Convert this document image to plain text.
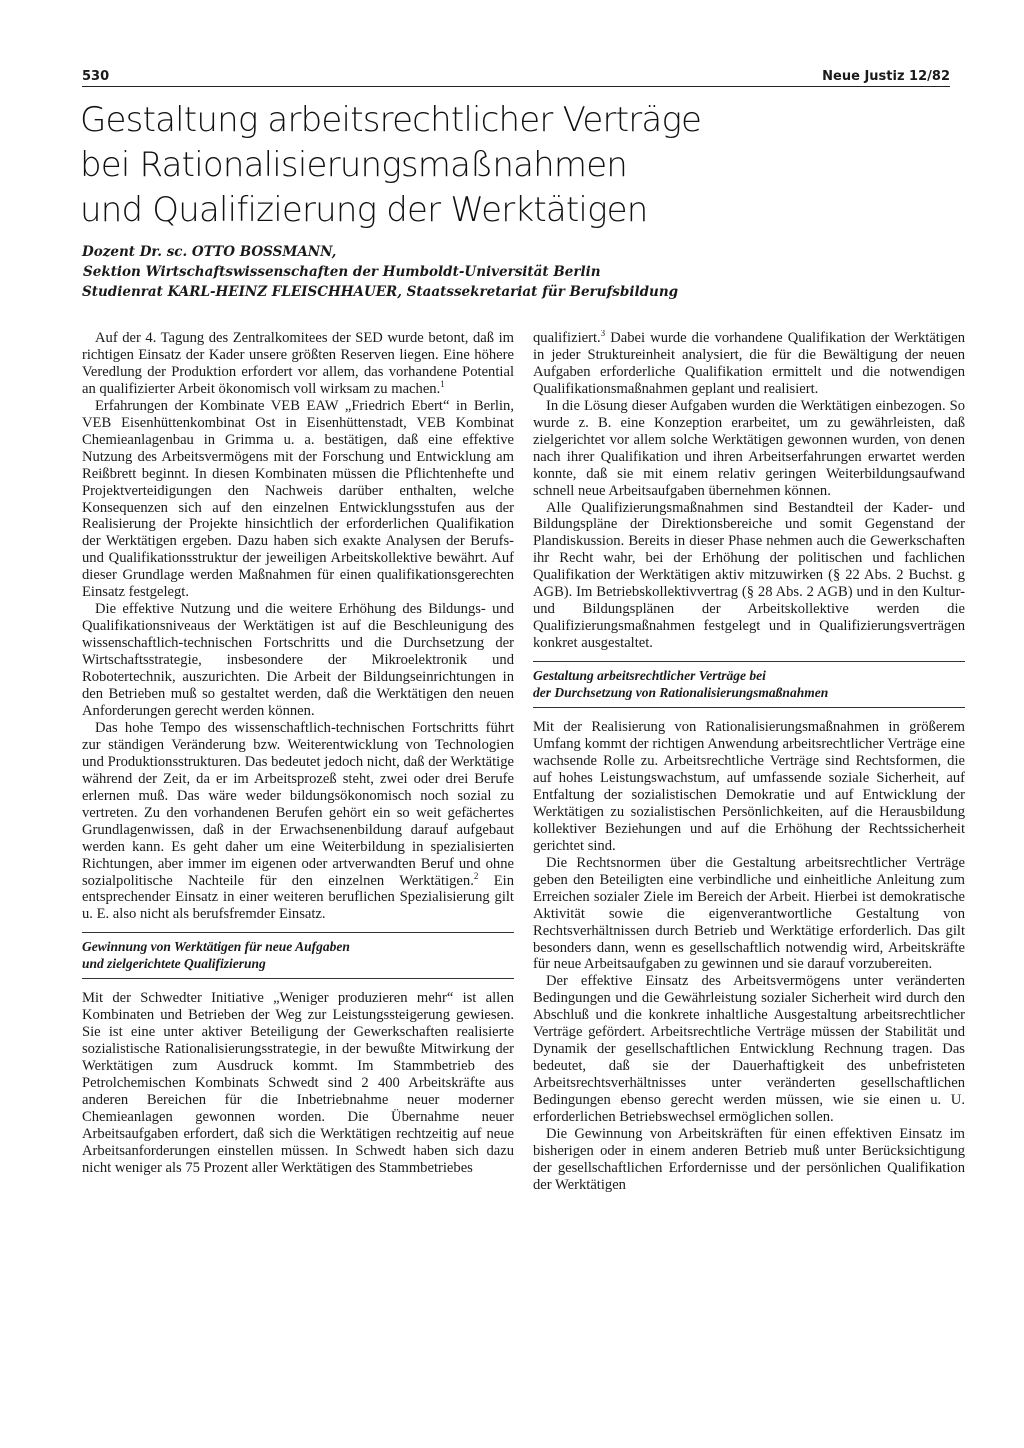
530	Neue Justiz 12/82
Gestaltung arbeitsrechtlicher Verträge
bei Rationalisierungsmaßnahmen
und Qualifizierung der Werktätigen
Dozent Dr. sc. OTTO BOSSMANN,
Sektion Wirtschaftswissenschaften der Humboldt-Universität Berlin
Studienrat KARL-HEINZ FLEISCHHAUER, Staatssekretariat für Berufsbildung

Auf der 4. Tagung des Zentralkomitees der SED wurde betont, daß im richtigen Einsatz der Kader unsere größten Reserven liegen. Eine höhere Veredlung der Produktion erfordert vor allem, das vorhandene Potential an qualifizierter Arbeit ökonomisch voll wirksam zu machen.$^1$

Erfahrungen der Kombinate VEB EAW „Friedrich Ebert“ in Berlin, VEB Eisenhüttenkombinat Ost in Eisenhüttenstadt, VEB Kombinat Chemieanlagenbau in Grimma u. a. bestätigen, daß eine effektive Nutzung des Arbeitsvermögens mit der Forschung und Entwicklung am Reißbrett beginnt. In diesen Kombinaten müssen die Pflichtenhefte und Projektverteidigungen den Nachweis darüber enthalten, welche Konsequenzen sich auf den einzelnen Entwicklungsstufen aus der Realisierung der Projekte hinsichtlich der erforderlichen Qualifikation der Werktätigen ergeben. Dazu haben sich exakte Analysen der Berufs- und Qualifikationsstruktur der jeweiligen Arbeitskollektive bewährt. Auf dieser Grundlage werden Maßnahmen für einen qualifikationsgerechten Einsatz festgelegt.

Die effektive Nutzung und die weitere Erhöhung des Bildungs- und Qualifikationsniveaus der Werktätigen ist auf die Beschleunigung des wissenschaftlich-technischen Fortschritts und die Durchsetzung der Wirtschaftsstrategie, insbesondere der Mikroelektronik und Robotertechnik, auszurichten. Die Arbeit der Bildungseinrichtungen in den Betrieben muß so gestaltet werden, daß die Werktätigen den neuen Anforderungen gerecht werden können.

Das hohe Tempo des wissenschaftlich-technischen Fortschritts führt zur ständigen Veränderung bzw. Weiterentwicklung von Technologien und Produktionsstrukturen. Das bedeutet jedoch nicht, daß der Werktätige während der Zeit, da er im Arbeitsprozeß steht, zwei oder drei Berufe erlernen muß. Das wäre weder bildungsökonomisch noch sozial zu vertreten. Zu den vorhandenen Berufen gehört ein so weit gefächertes Grundlagenwissen, daß in der Erwachsenenbildung darauf aufgebaut werden kann. Es geht daher um eine Weiterbildung in spezialisierten Richtungen, aber immer im eigenen oder artverwandten Beruf und ohne sozialpolitische Nachteile für den einzelnen Werktätigen.$^2$ Ein entsprechender Einsatz in einer weiteren beruflichen Spezialisierung gilt u. E. also nicht als berufsfremder Einsatz.

Gewinnung von Werktätigen für neue Aufgaben
und zielgerichtete Qualifizierung

Mit der Schwedter Initiative „Weniger produzieren mehr“ ist allen Kombinaten und Betrieben der Weg zur Leistungssteigerung gewiesen. Sie ist eine unter aktiver Beteiligung der Gewerkschaften realisierte sozialistische Rationalisierungsstrategie, in der bewußte Mitwirkung der Werktätigen zum Ausdruck kommt. Im Stammbetrieb des Petrolchemischen Kombinats Schwedt sind 2 400 Arbeitskräfte aus anderen Bereichen für die Inbetriebnahme neuer moderner Chemieanlagen gewonnen worden. Die Übernahme neuer Arbeitsaufgaben erfordert, daß sich die Werktätigen rechtzeitig auf neue Arbeitsanforderungen einstellen müssen. In Schwedt haben sich dazu nicht weniger als 75 Prozent aller Werktätigen des Stammbetriebes

qualifiziert.$^3$ Dabei wurde die vorhandene Qualifikation der Werktätigen in jeder Struktureinheit analysiert, die für die Bewältigung der neuen Aufgaben erforderliche Qualifikation ermittelt und die notwendigen Qualifikationsmaßnahmen geplant und realisiert.

In die Lösung dieser Aufgaben wurden die Werktätigen einbezogen. So wurde z. B. eine Konzeption erarbeitet, um zu gewährleisten, daß zielgerichtet vor allem solche Werktätigen gewonnen wurden, von denen nach ihrer Qualifikation und ihren Arbeitserfahrungen erwartet werden konnte, daß sie mit einem relativ geringen Weiterbildungsaufwand schnell neue Arbeitsaufgaben übernehmen können.

Alle Qualifizierungsmaßnahmen sind Bestandteil der Kader- und Bildungspläne der Direktionsbereiche und somit Gegenstand der Plandiskussion. Bereits in dieser Phase nehmen auch die Gewerkschaften ihr Recht wahr, bei der Erhöhung der politischen und fachlichen Qualifikation der Werktätigen aktiv mitzuwirken (§ 22 Abs. 2 Buchst. g AGB). Im Betriebskollektivvertrag (§ 28 Abs. 2 AGB) und in den Kultur- und Bildungsplänen der Arbeitskollektive werden die Qualifizierungsmaßnahmen festgelegt und in Qualifizierungsverträgen konkret ausgestaltet.

Gestaltung arbeitsrechtlicher Verträge bei
der Durchsetzung von Rationalisierungsmaßnahmen

Mit der Realisierung von Rationalisierungsmaßnahmen in größerem Umfang kommt der richtigen Anwendung arbeitsrechtlicher Verträge eine wachsende Rolle zu. Arbeitsrechtliche Verträge sind Rechtsformen, die auf hohes Leistungswachstum, auf umfassende soziale Sicherheit, auf Entfaltung der sozialistischen Demokratie und auf Entwicklung der Werktätigen zu sozialistischen Persönlichkeiten, auf die Herausbildung kollektiver Beziehungen und auf die Erhöhung der Rechtssicherheit gerichtet sind.

Die Rechtsnormen über die Gestaltung arbeitsrechtlicher Verträge geben den Beteiligten eine verbindliche und einheitliche Anleitung zum Erreichen sozialer Ziele im Bereich der Arbeit. Hierbei ist demokratische Aktivität sowie die eigenverantwortliche Gestaltung von Rechtsverhältnissen durch Betrieb und Werktätige erforderlich. Das gilt besonders dann, wenn es gesellschaftlich notwendig wird, Arbeitskräfte für neue Arbeitsaufgaben zu gewinnen und sie darauf vorzubereiten.

Der effektive Einsatz des Arbeitsvermögens unter veränderten Bedingungen und die Gewährleistung sozialer Sicherheit wird durch den Abschluß und die konkrete inhaltliche Ausgestaltung arbeitsrechtlicher Verträge gefördert. Arbeitsrechtliche Verträge müssen der Stabilität und Dynamik der gesellschaftlichen Entwicklung Rechnung tragen. Das bedeutet, daß sie der Dauerhaftigkeit des unbefristeten Arbeitsrechtsverhältnisses unter veränderten gesellschaftlichen Bedingungen ebenso gerecht werden müssen, wie sie einen u. U. erforderlichen Betriebswechsel ermöglichen sollen.

Die Gewinnung von Arbeitskräften für einen effektiven Einsatz im bisherigen oder in einem anderen Betrieb muß unter Berücksichtigung der gesellschaftlichen Erfordernisse und der persönlichen Qualifikation der Werktätigen
